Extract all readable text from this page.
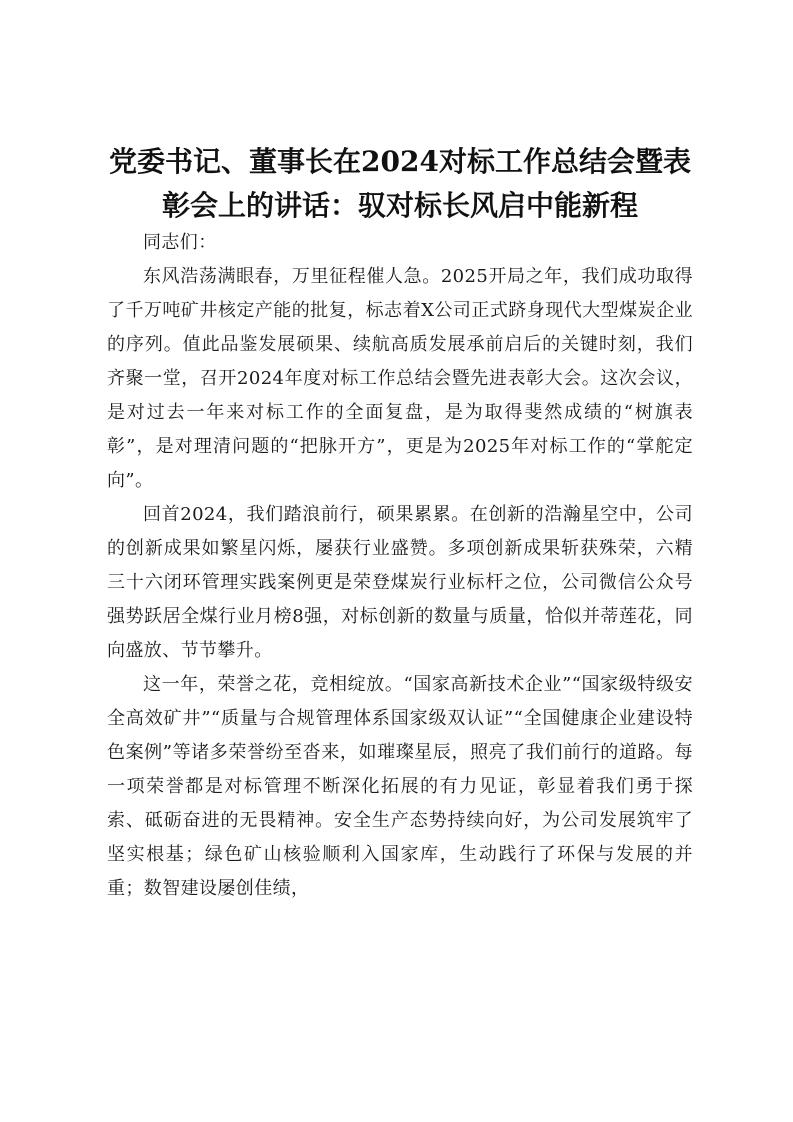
党委书记、董事长在2024对标工作总结会暨表彰会上的讲话：驭对标长风启中能新程

同志们：

东风浩荡满眼春，万里征程催人急。2025开局之年，我们成功取得了千万吨矿井核定产能的批复，标志着X公司正式跻身现代大型煤炭企业的序列。值此品鉴发展硕果、续航高质发展承前启后的关键时刻，我们齐聚一堂，召开2024年度对标工作总结会暨先进表彰大会。这次会议，是对过去一年来对标工作的全面复盘，是为取得斐然成绩的“树旗表彰”，是对理清问题的“把脉开方”，更是为2025年对标工作的“掌舵定向”。

回首2024，我们踏浪前行，硕果累累。在创新的浩瀚星空中，公司的创新成果如繁星闪烁，屡获行业盛赞。多项创新成果斩获殊荣，六精三十六闭环管理实践案例更是荣登煤炭行业标杆之位，公司微信公众号强势跃居全煤行业月榜8强，对标创新的数量与质量，恰似并蒂莲花，同向盛放、节节攀升。

这一年，荣誉之花，竞相绽放。“国家高新技术企业”“国家级特级安全高效矿井”“质量与合规管理体系国家级双认证”“全国健康企业建设特色案例”等诸多荣誉纷至沓来，如璀璨星辰，照亮了我们前行的道路。每一项荣誉都是对标管理不断深化拓展的有力见证，彰显着我们勇于探索、砥砺奋进的无畏精神。安全生产态势持续向好，为公司发展筑牢了坚实根基；绿色矿山核验顺利入国家库，生动践行了环保与发展的并重；数智建设屡创佳绩，
